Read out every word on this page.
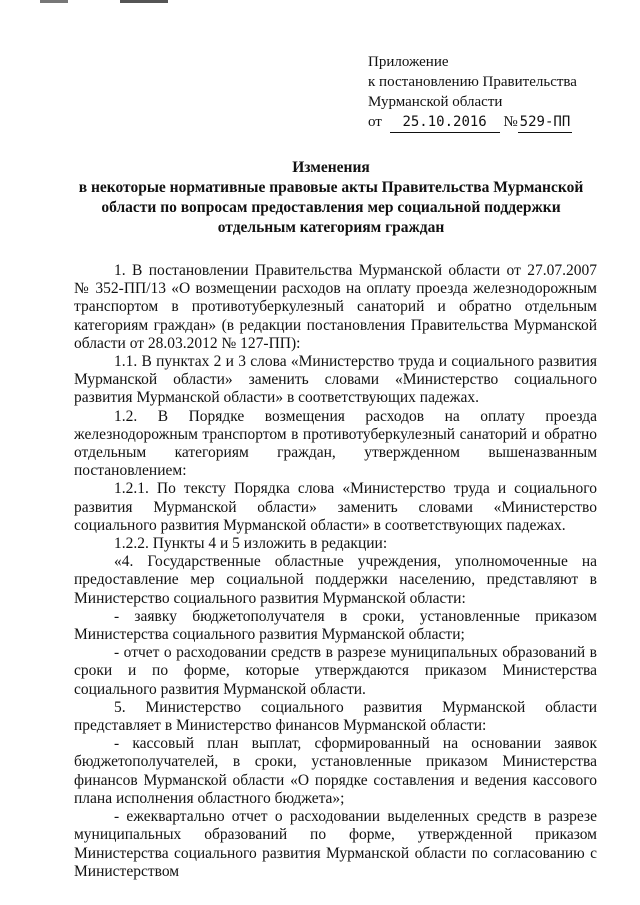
Приложение
к постановлению Правительства
Мурманской области
от 25.10.2016 № 529-ПП
Изменения
в некоторые нормативные правовые акты Правительства Мурманской области по вопросам предоставления мер социальной поддержки отдельным категориям граждан

1. В постановлении Правительства Мурманской области от 27.07.2007 № 352-ПП/13 «О возмещении расходов на оплату проезда железнодорожным транспортом в противотуберкулезный санаторий и обратно отдельным категориям граждан» (в редакции постановления Правительства Мурманской области от 28.03.2012 № 127-ПП):

1.1. В пунктах 2 и 3 слова «Министерство труда и социального развития Мурманской области» заменить словами «Министерство социального развития Мурманской области» в соответствующих падежах.

1.2. В Порядке возмещения расходов на оплату проезда железнодорожным транспортом в противотуберкулезный санаторий и обратно отдельным категориям граждан, утвержденном вышеназванным постановлением:

1.2.1. По тексту Порядка слова «Министерство труда и социального развития Мурманской области» заменить словами «Министерство социального развития Мурманской области» в соответствующих падежах.

1.2.2. Пункты 4 и 5 изложить в редакции:

«4. Государственные областные учреждения, уполномоченные на предоставление мер социальной поддержки населению, представляют в Министерство социального развития Мурманской области:

- заявку бюджетополучателя в сроки, установленные приказом Министерства социального развития Мурманской области;

- отчет о расходовании средств в разрезе муниципальных образований в сроки и по форме, которые утверждаются приказом Министерства социального развития Мурманской области.

5. Министерство социального развития Мурманской области представляет в Министерство финансов Мурманской области:

- кассовый план выплат, сформированный на основании заявок бюджетополучателей, в сроки, установленные приказом Министерства финансов Мурманской области «О порядке составления и ведения кассового плана исполнения областного бюджета»;

- ежеквартально отчет о расходовании выделенных средств в разрезе муниципальных образований по форме, утвержденной приказом Министерства социального развития Мурманской области по согласованию с Министерством
